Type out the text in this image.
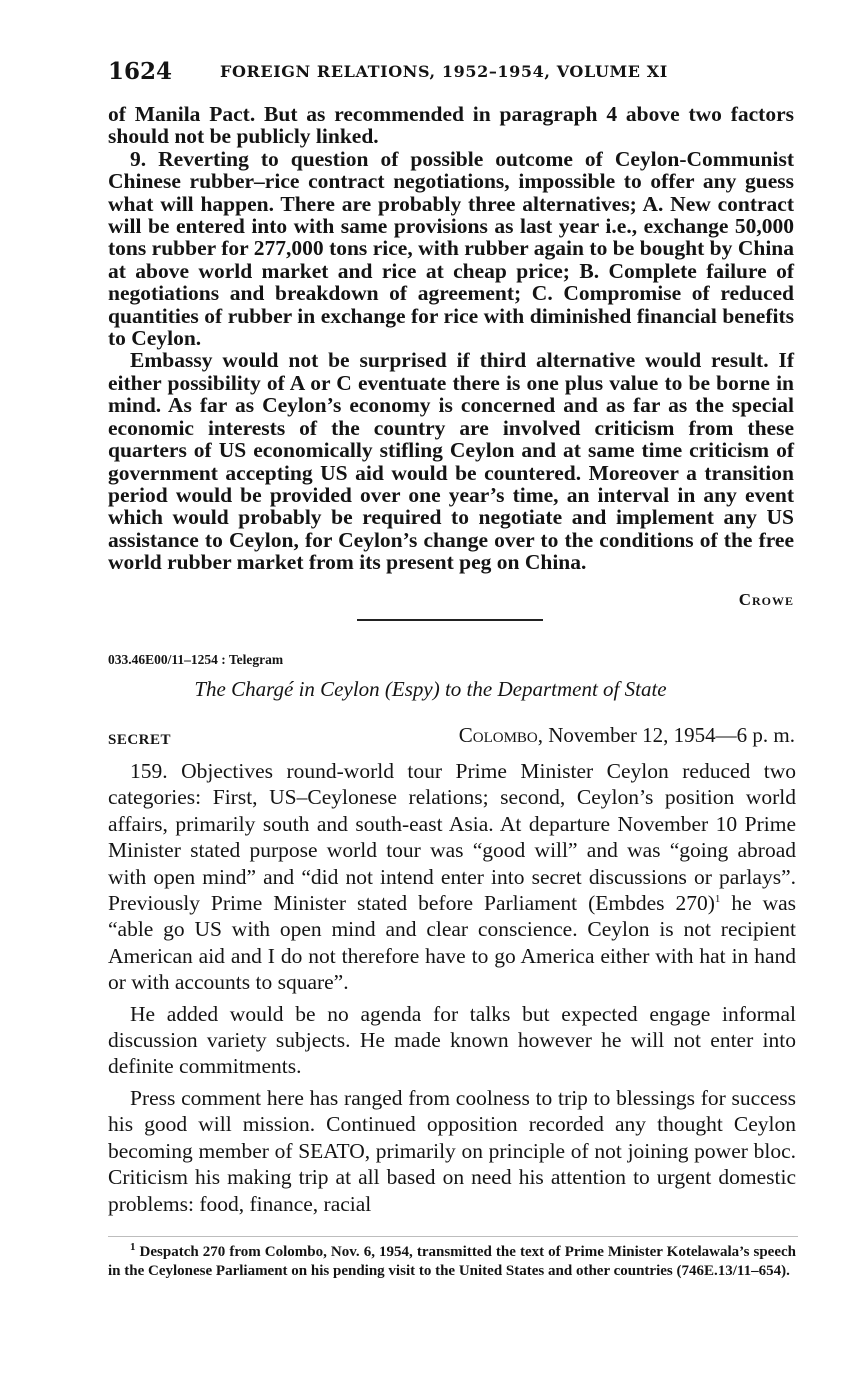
1624	FOREIGN RELATIONS, 1952–1954, VOLUME XI

of Manila Pact. But as recommended in paragraph 4 above two factors should not be publicly linked.

9. Reverting to question of possible outcome of Ceylon-Communist Chinese rubber–rice contract negotiations, impossible to offer any guess what will happen. There are probably three alternatives; A. New contract will be entered into with same provisions as last year i.e., exchange 50,000 tons rubber for 277,000 tons rice, with rubber again to be bought by China at above world market and rice at cheap price; B. Complete failure of negotiations and breakdown of agreement; C. Compromise of reduced quantities of rubber in exchange for rice with diminished financial benefits to Ceylon.

Embassy would not be surprised if third alternative would result. If either possibility of A or C eventuate there is one plus value to be borne in mind. As far as Ceylon’s economy is concerned and as far as the special economic interests of the country are involved criticism from these quarters of US economically stifling Ceylon and at same time criticism of government accepting US aid would be countered. Moreover a transition period would be provided over one year’s time, an interval in any event which would probably be required to negotiate and implement any US assistance to Ceylon, for Ceylon’s change over to the conditions of the free world rubber market from its present peg on China.

Crowe
033.46E00/11–1254 : Telegram
The Chargé in Ceylon (Espy) to the Department of State
SECRET	Colombo, November 12, 1954—6 p. m.

159. Objectives round-world tour Prime Minister Ceylon reduced two categories: First, US–Ceylonese relations; second, Ceylon’s position world affairs, primarily south and south-east Asia. At departure November 10 Prime Minister stated purpose world tour was “good will” and was “going abroad with open mind” and “did not intend enter into secret discussions or parlays”. Previously Prime Minister stated before Parliament (Embdes 270)$^1$ he was “able go US with open mind and clear conscience. Ceylon is not recipient American aid and I do not therefore have to go America either with hat in hand or with accounts to square”.

He added would be no agenda for talks but expected engage informal discussion variety subjects. He made known however he will not enter into definite commitments.

Press comment here has ranged from coolness to trip to blessings for success his good will mission. Continued opposition recorded any thought Ceylon becoming member of SEATO, primarily on principle of not joining power bloc. Criticism his making trip at all based on need his attention to urgent domestic problems: food, finance, racial

$^1$ Despatch 270 from Colombo, Nov. 6, 1954, transmitted the text of Prime Minister Kotelawala’s speech in the Ceylonese Parliament on his pending visit to the United States and other countries (746E.13/11–654).
